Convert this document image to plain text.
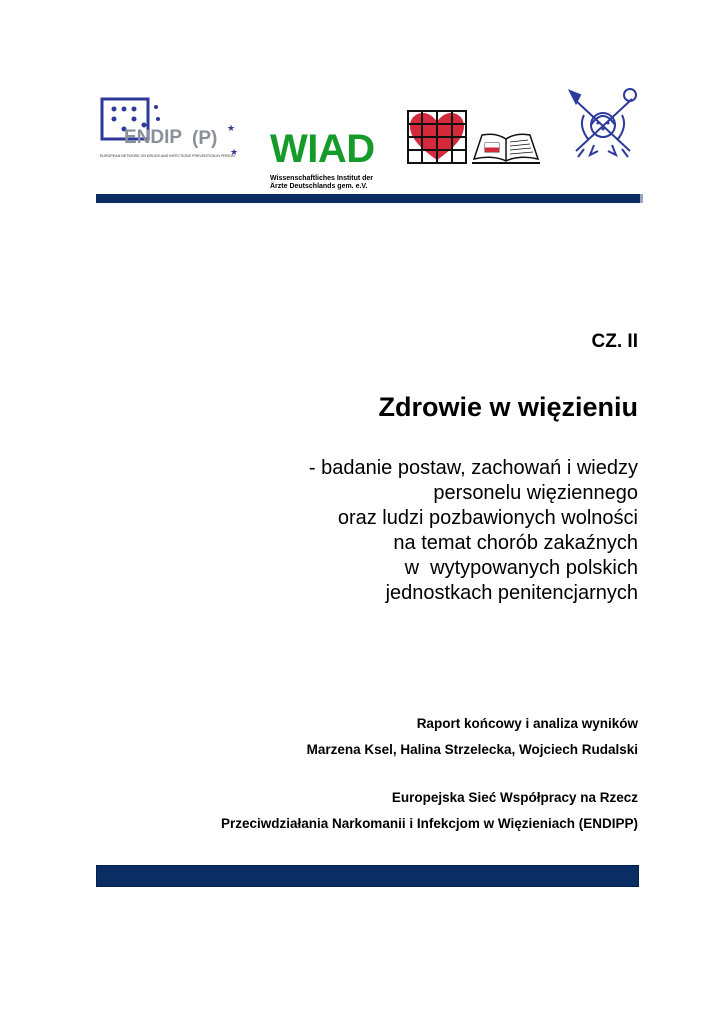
ENDIP (P) ★
★
EUROPEAN NETWORK ON DRUGS AND INFECTIONS PREVENTION IN PRISON WIAD
Wissenschaftliches Institut der
Ärzte Deutschlands gem. e.V.
CZ. II
Zdrowie w więzieniu
- badanie postaw, zachowań i wiedzy
personelu więziennego
oraz ludzi pozbawionych wolności
na temat chorób zakaźnych
w  wytypowanych polskich
jednostkach penitencjarnych
Raport końcowy i analiza wyników
Marzena Ksel, Halina Strzelecka, Wojciech Rudalski
Europejska Sieć Współpracy na Rzecz
Przeciwdziałania Narkomanii i Infekcjom w Więzieniach (ENDIPP)
